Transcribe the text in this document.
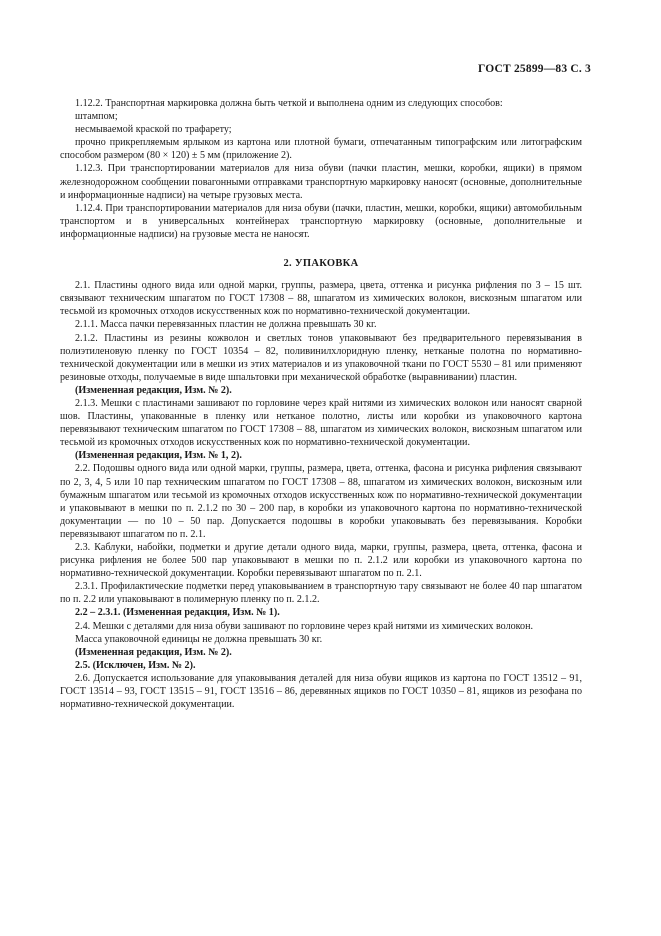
ГОСТ 25899—83 С. 3

1.12.2. Транспортная маркировка должна быть четкой и выполнена одним из следующих способов:

штампом;

несмываемой краской по трафарету;

прочно прикрепляемым ярлыком из картона или плотной бумаги, отпечатанным типографским или литографским способом размером (80 × 120) ± 5 мм (приложение 2).

1.12.3. При транспортировании материалов для низа обуви (пачки пластин, мешки, коробки, ящики) в прямом железнодорожном сообщении повагонными отправками транспортную маркировку наносят (основные, дополнительные и информационные надписи) на четыре грузовых места.

1.12.4. При транспортировании материалов для низа обуви (пачки, пластин, мешки, коробки, ящики) автомобильным транспортом и в универсальных контейнерах транспортную маркировку (основные, дополнительные и информационные надписи) на грузовые места не наносят.

2. УПАКОВКА

2.1. Пластины одного вида или одной марки, группы, размера, цвета, оттенка и рисунка рифления по 3 – 15 шт. связывают техническим шпагатом по ГОСТ 17308 – 88, шпагатом из химических волокон, вискозным шпагатом или тесьмой из кромочных отходов искусственных кож по нормативно-технической документации.

2.1.1. Масса пачки перевязанных пластин не должна превышать 30 кг.

2.1.2. Пластины из резины кожволон и светлых тонов упаковывают без предварительного перевязывания в полиэтиленовую пленку по ГОСТ 10354 – 82, поливинилхлоридную пленку, нетканые полотна по нормативно-технической документации или в мешки из этих материалов и из упаковочной ткани по ГОСТ 5530 – 81 или применяют резиновые отходы, получаемые в виде шпальтовки при механической обработке (выравнивании) пластин.

(Измененная редакция, Изм. № 2).

2.1.3. Мешки с пластинами зашивают по горловине через край нитями из химических волокон или наносят сварной шов. Пластины, упакованные в пленку или нетканое полотно, листы или коробки из упаковочного картона перевязывают техническим шпагатом по ГОСТ 17308 – 88, шпагатом из химических волокон, вискозным шпагатом или тесьмой из кромочных отходов искусственных кож по нормативно-технической документации.

(Измененная редакция, Изм. № 1, 2).

2.2. Подошвы одного вида или одной марки, группы, размера, цвета, оттенка, фасона и рисунка рифления связывают по 2, 3, 4, 5 или 10 пар техническим шпагатом по ГОСТ 17308 – 88, шпагатом из химических волокон, вискозным или бумажным шпагатом или тесьмой из кромочных отходов искусственных кож по нормативно-технической документации и упаковывают в мешки по п. 2.1.2 по 30 – 200 пар, в коробки из упаковочного картона по нормативно-технической документации — по 10 – 50 пар. Допускается подошвы в коробки упаковывать без перевязывания. Коробки перевязывают шпагатом по п. 2.1.

2.3. Каблуки, набойки, подметки и другие детали одного вида, марки, группы, размера, цвета, оттенка, фасона и рисунка рифления не более 500 пар упаковывают в мешки по п. 2.1.2 или коробки из упаковочного картона по нормативно-технической документации. Коробки перевязывают шпагатом по п. 2.1.

2.3.1. Профилактические подметки перед упаковыванием в транспортную тару связывают не более 40 пар шпагатом по п. 2.2 или упаковывают в полимерную пленку по п. 2.1.2.

2.2 – 2.3.1. (Измененная редакция, Изм. № 1).

2.4. Мешки с деталями для низа обуви зашивают по горловине через край нитями из химических волокон.

Масса упаковочной единицы не должна превышать 30 кг.

(Измененная редакция, Изм. № 2).

2.5. (Исключен, Изм. № 2).

2.6. Допускается использование для упаковывания деталей для низа обуви ящиков из картона по ГОСТ 13512 – 91, ГОСТ 13514 – 93, ГОСТ 13515 – 91, ГОСТ 13516 – 86, деревянных ящиков по ГОСТ 10350 – 81, ящиков из резофана по нормативно-технической документации.
